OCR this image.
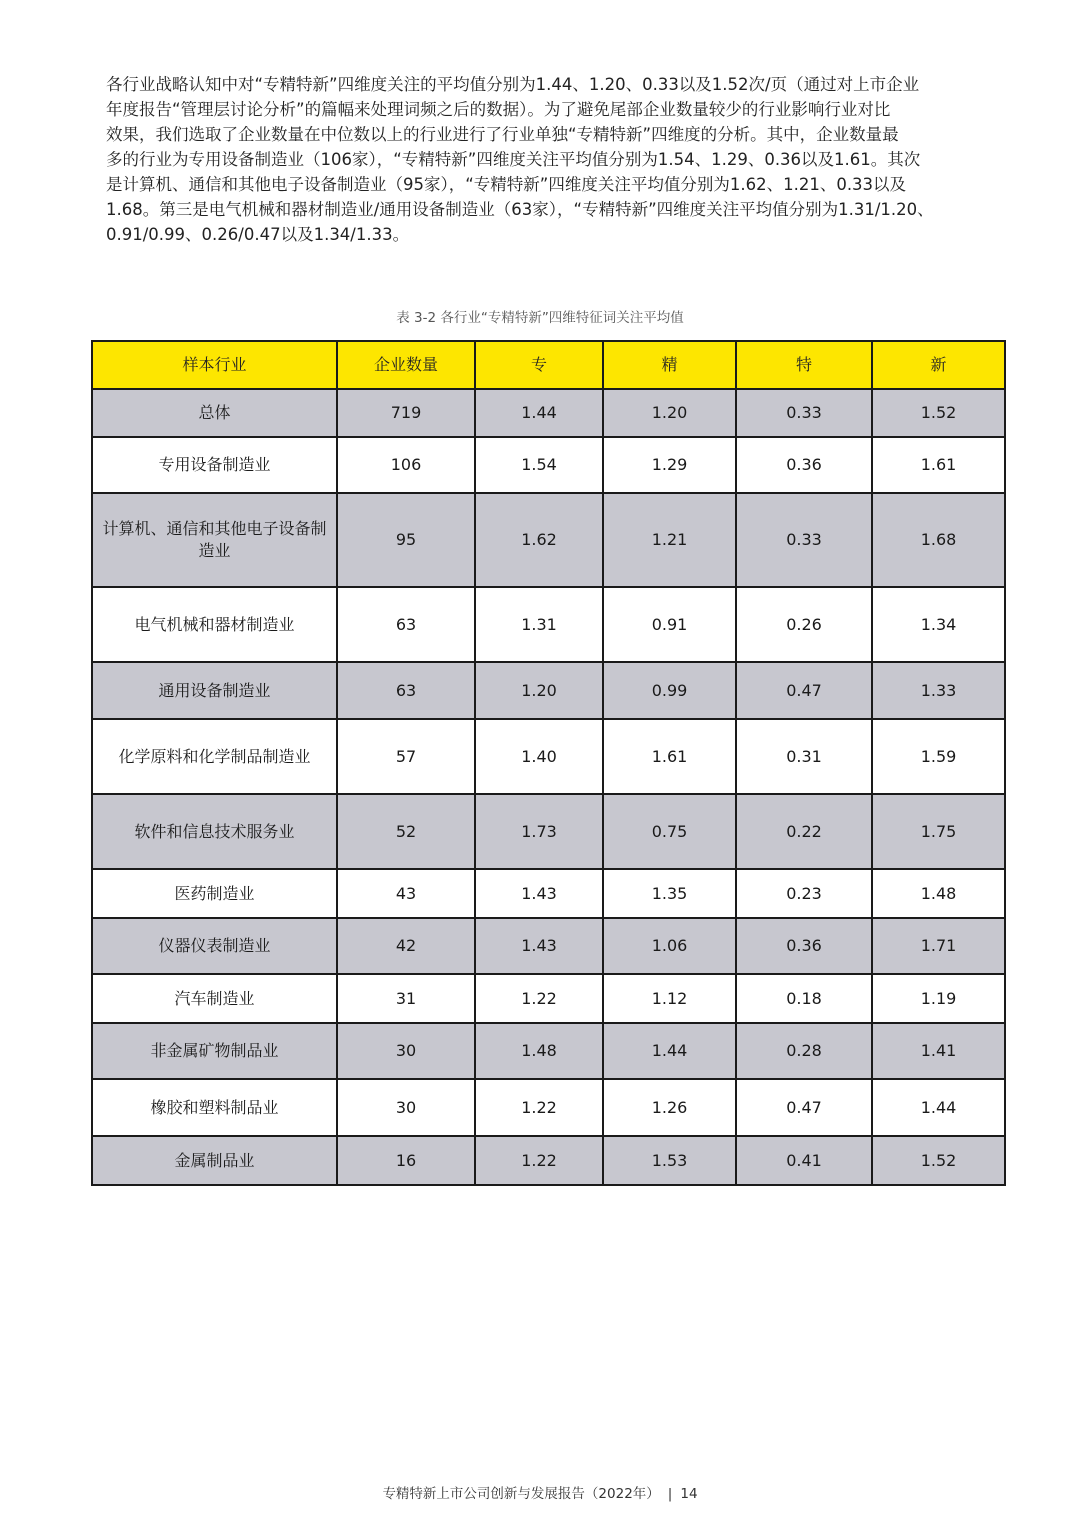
各行业战略认知中对“专精特新”四维度关注的平均值分别为1.44、1.20、0.33以及1.52次/页（通过对上市企业

年度报告“管理层讨论分析”的篇幅来处理词频之后的数据）。为了避免尾部企业数量较少的行业影响行业对比

效果，我们选取了企业数量在中位数以上的行业进行了行业单独“专精特新”四维度的分析。其中，企业数量最

多的行业为专用设备制造业（106家），“专精特新”四维度关注平均值分别为1.54、1.29、0.36以及1.61。其次

是计算机、通信和其他电子设备制造业（95家），“专精特新”四维度关注平均值分别为1.62、1.21、0.33以及

1.68。第三是电气机械和器材制造业/通用设备制造业（63家），“专精特新”四维度关注平均值分别为1.31/1.20、

0.91/0.99、0.26/0.47以及1.34/1.33。

表 3-2 各行业“专精特新”四维特征词关注平均值
样本行业	企业数量	专	精	特	新
总体	719	1.44	1.20	0.33	1.52
专用设备制造业	106	1.54	1.29	0.36	1.61
计算机、通信和其他电子设备制造业	95	1.62	1.21	0.33	1.68
电气机械和器材制造业	63	1.31	0.91	0.26	1.34
通用设备制造业	63	1.20	0.99	0.47	1.33
化学原料和化学制品制造业	57	1.40	1.61	0.31	1.59
软件和信息技术服务业	52	1.73	0.75	0.22	1.75
医药制造业	43	1.43	1.35	0.23	1.48
仪器仪表制造业	42	1.43	1.06	0.36	1.71
汽车制造业	31	1.22	1.12	0.18	1.19
非金属矿物制品业	30	1.48	1.44	0.28	1.41
橡胶和塑料制品业	30	1.22	1.26	0.47	1.44
金属制品业	16	1.22	1.53	0.41	1.52
专精特新上市公司创新与发展报告（2022年） | 14
